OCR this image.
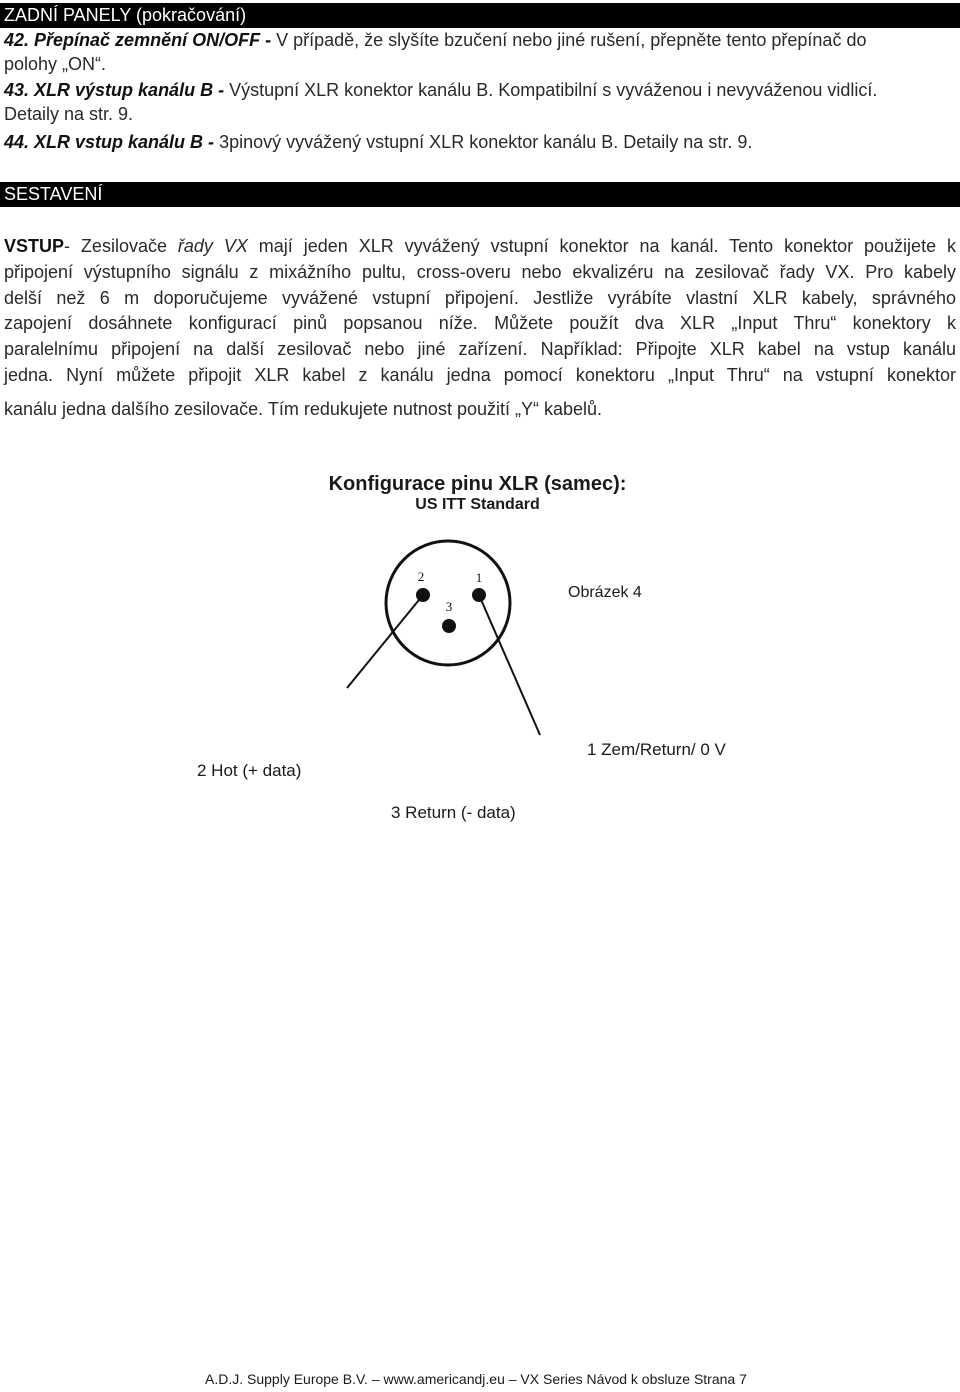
ZADNÍ PANELY (pokračování)
42. Přepínač zemnění ON/OFF - V případě, že slyšíte bzučení nebo jiné rušení, přepněte tento přepínač do
polohy „ON“.
43. XLR výstup kanálu B - Výstupní XLR konektor kanálu B. Kompatibilní s vyváženou i nevyváženou vidlicí.
Detaily na str. 9.
44. XLR vstup kanálu B - 3pinový vyvážený vstupní XLR konektor kanálu B. Detaily na str. 9.
SESTAVENÍ
VSTUP- Zesilovače řady VX mají jeden XLR vyvážený vstupní konektor na kanál. Tento konektor použijete k
připojení výstupního signálu z mixážního pultu, cross-overu nebo ekvalizéru na zesilovač řady VX. Pro kabely
delší než 6 m doporučujeme vyvážené vstupní připojení. Jestliže vyrábíte vlastní XLR kabely, správného
zapojení dosáhnete konfigurací pinů popsanou níže. Můžete použít dva XLR „Input Thru“ konektory k
paralelnímu připojení na další zesilovač nebo jiné zařízení. Například: Připojte XLR kabel na vstup kanálu
jedna. Nyní můžete připojit XLR kabel z kanálu jedna pomocí konektoru „Input Thru“ na vstupní konektor
kanálu jedna dalšího zesilovače. Tím redukujete nutnost použití „Y“ kabelů.
Konfigurace pinu XLR (samec):
US ITT Standard
2	1
3
Obrázek 4
1 Zem/Return/ 0 V
2 Hot (+ data)
3 Return (- data)
A.D.J. Supply Europe B.V. – www.americandj.eu – VX Series Návod k obsluze Strana 7
